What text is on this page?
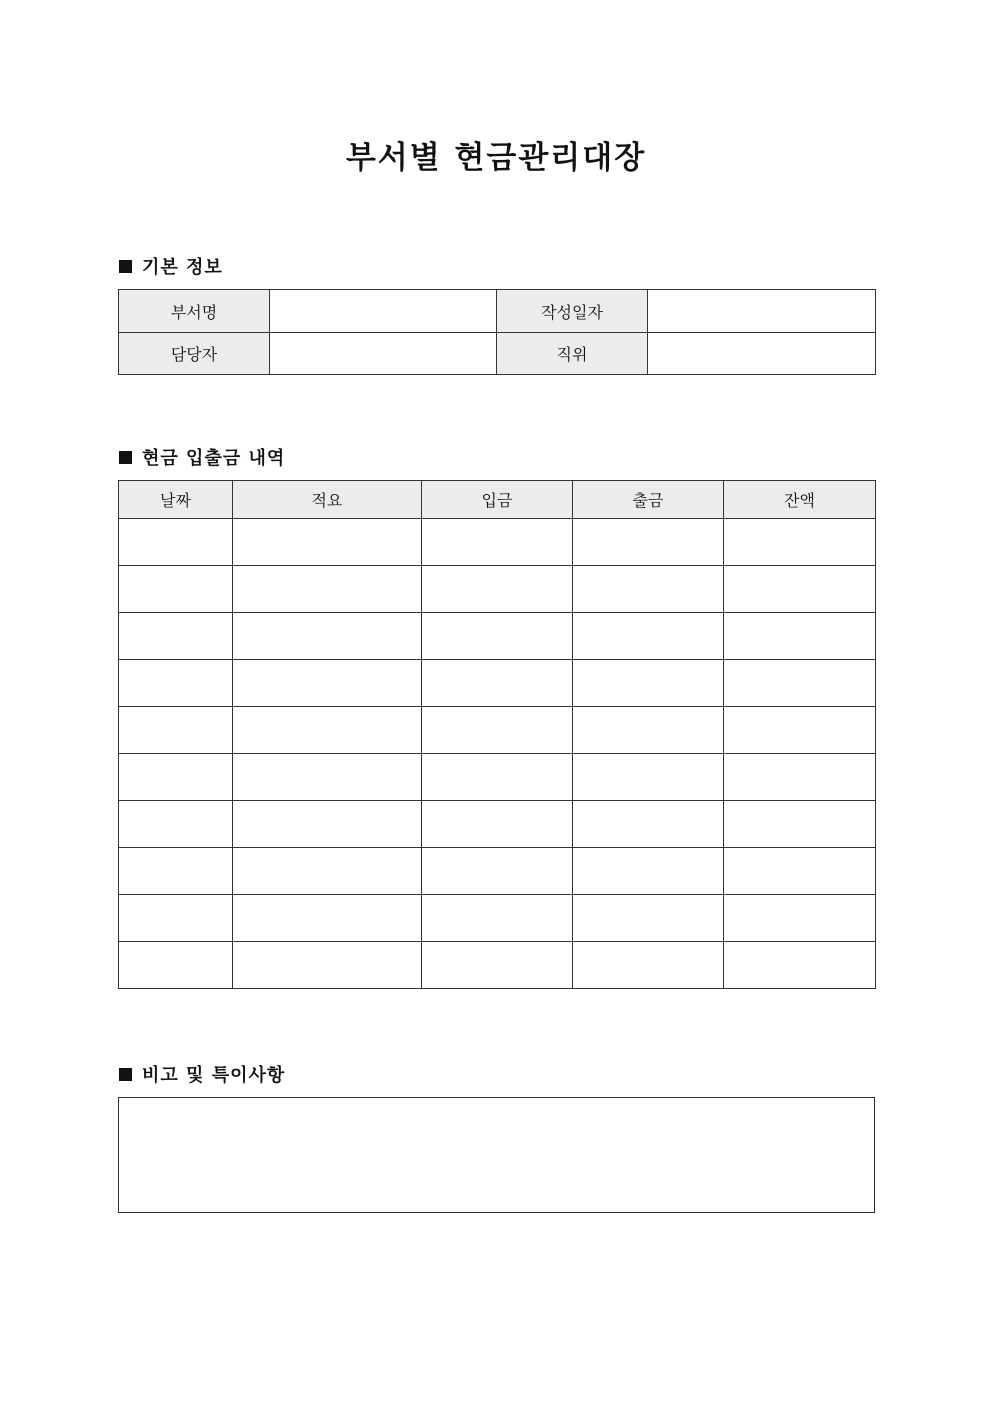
부서별 현금관리대장
기본 정보
부서명		작성일자	
담당자		직위	
현금 입출금 내역
날짜	적요	입금	출금	잔액

비고 및 특이사항
